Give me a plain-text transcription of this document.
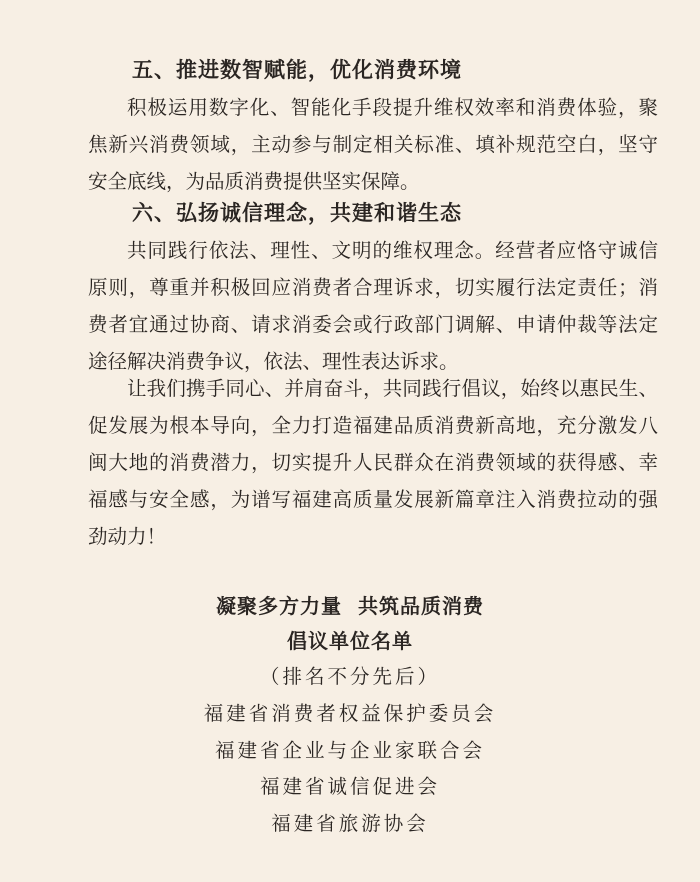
五、推进数智赋能，优化消费环境
积极运用数字化、智能化手段提升维权效率和消费体验，聚
焦新兴消费领域，主动参与制定相关标准、填补规范空白，坚守
安全底线，为品质消费提供坚实保障。
六、弘扬诚信理念，共建和谐生态
共同践行依法、理性、文明的维权理念。经营者应恪守诚信
原则，尊重并积极回应消费者合理诉求，切实履行法定责任；消
费者宜通过协商、请求消委会或行政部门调解、申请仲裁等法定
途径解决消费争议，依法、理性表达诉求。
让我们携手同心、并肩奋斗，共同践行倡议，始终以惠民生、
促发展为根本导向，全力打造福建品质消费新高地，充分激发八
闽大地的消费潜力，切实提升人民群众在消费领域的获得感、幸
福感与安全感，为谱写福建高质量发展新篇章注入消费拉动的强
劲动力！
凝聚多方力量  共筑品质消费
倡议单位名单
（排名不分先后）
福建省消费者权益保护委员会
福建省企业与企业家联合会
福建省诚信促进会
福建省旅游协会
